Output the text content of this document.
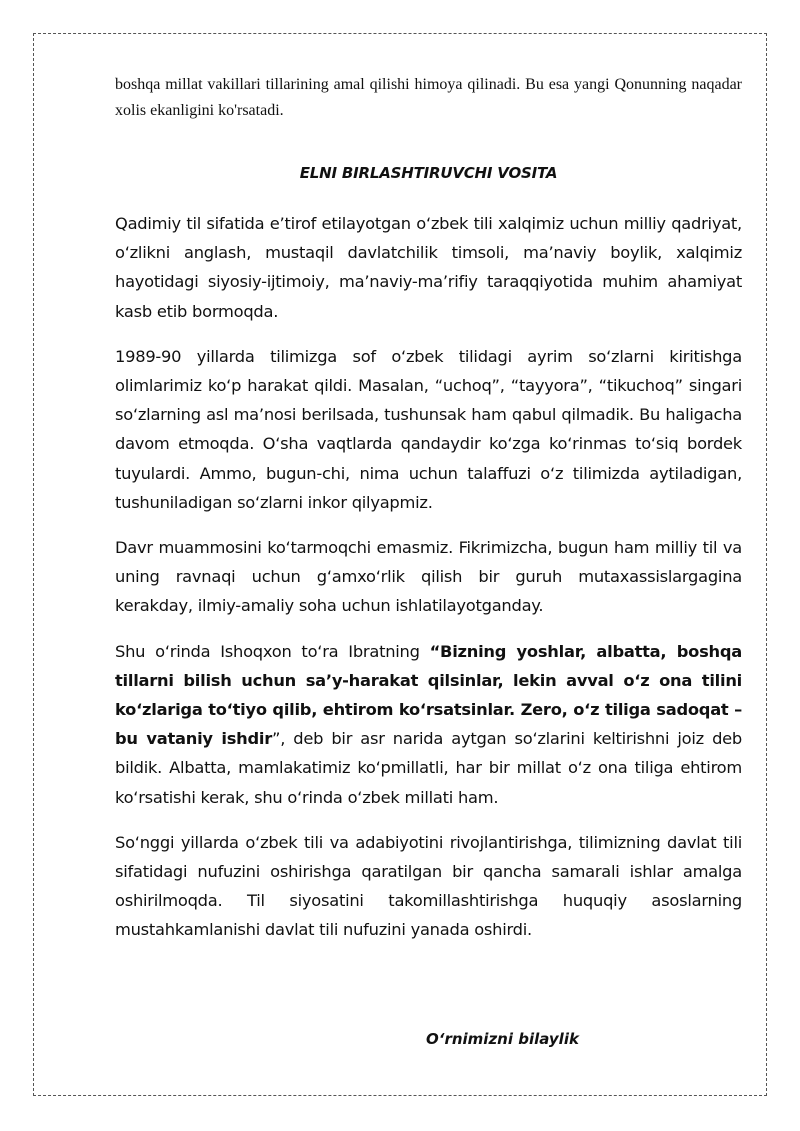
boshqa millat vakillari tillarining amal qilishi himoya qilinadi. Bu esa yangi Qonunning naqadar xolis ekanligini ko'rsatadi.

ELNI BIRLASHTIRUVCHI VOSITA

Qadimiy til sifatida e’tirof etilayotgan o‘zbek tili xalqimiz uchun milliy qadriyat, o‘zlikni anglash, mustaqil davlatchilik timsoli, ma’naviy boylik, xalqimiz hayotidagi siyosiy-ijtimoiy, ma’naviy-ma’rifiy taraqqiyotida muhim ahamiyat kasb etib bormoqda.

1989-90 yillarda tilimizga sof o‘zbek tilidagi ayrim so‘zlarni kiritishga olimlarimiz ko‘p harakat qildi. Masalan, “uchoq”, “tayyora”, “tikuchoq” singari so‘zlarning asl ma’nosi berilsada, tushunsak ham qabul qilmadik. Bu haligacha davom etmoqda. O‘sha vaqtlarda qandaydir ko‘zga ko‘rinmas to‘siq bordek tuyulardi. Ammo, bugun-chi, nima uchun talaffuzi o‘z tilimizda aytiladigan, tushuniladigan so‘zlarni inkor qilyapmiz.

Davr muammosini ko‘tarmoqchi emasmiz. Fikrimizcha, bugun ham milliy til va uning ravnaqi uchun g‘amxo‘rlik qilish bir guruh mutaxassislargagina kerakday, ilmiy-amaliy soha uchun ishlatilayotganday.

Shu o‘rinda Ishoqxon to‘ra Ibratning “Bizning yoshlar, albatta, boshqa tillarni bilish uchun sa’y-harakat qilsinlar, lekin avval o‘z ona tilini ko‘zlariga to‘tiyo qilib, ehtirom ko‘rsatsinlar. Zero, o‘z tiliga sadoqat – bu vataniy ishdir”, deb bir asr narida aytgan so‘zlarini keltirishni joiz deb bildik. Albatta, mamlakatimiz ko‘pmillatli, har bir millat o‘z ona tiliga ehtirom ko‘rsatishi kerak, shu o‘rinda o‘zbek millati ham.

So‘nggi yillarda o‘zbek tili va adabiyotini rivojlantirishga, tilimizning davlat tili sifatidagi nufuzini oshirishga qaratilgan bir qancha samarali ishlar amalga oshirilmoqda. Til siyosatini takomillashtirishga huquqiy asoslarning mustahkamlanishi davlat tili nufuzini yanada oshirdi.

O‘rnimizni bilaylik
